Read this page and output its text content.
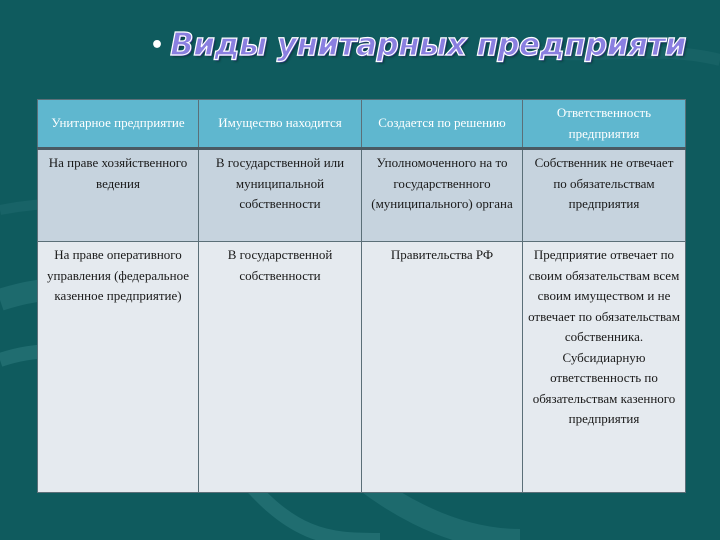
• Виды унитарных предприяти
Унитарное предприятие	Имущество находится	Создается по решению	Ответственность предприятия
На праве хозяйственного ведения	В государственной или муниципальной собственности	Уполномоченного на то государственного (муниципального) органа	Собственник не отвечает по обязательствам предприятия
На праве оперативного управления (федеральное казенное предприятие)	В государственной собственности	Правительства РФ	Предприятие отвечает по своим обязательствам всем своим имуществом и не отвечает по обязательствам собственника. Субсидиарную ответственность по обязательствам казенного предприятия
